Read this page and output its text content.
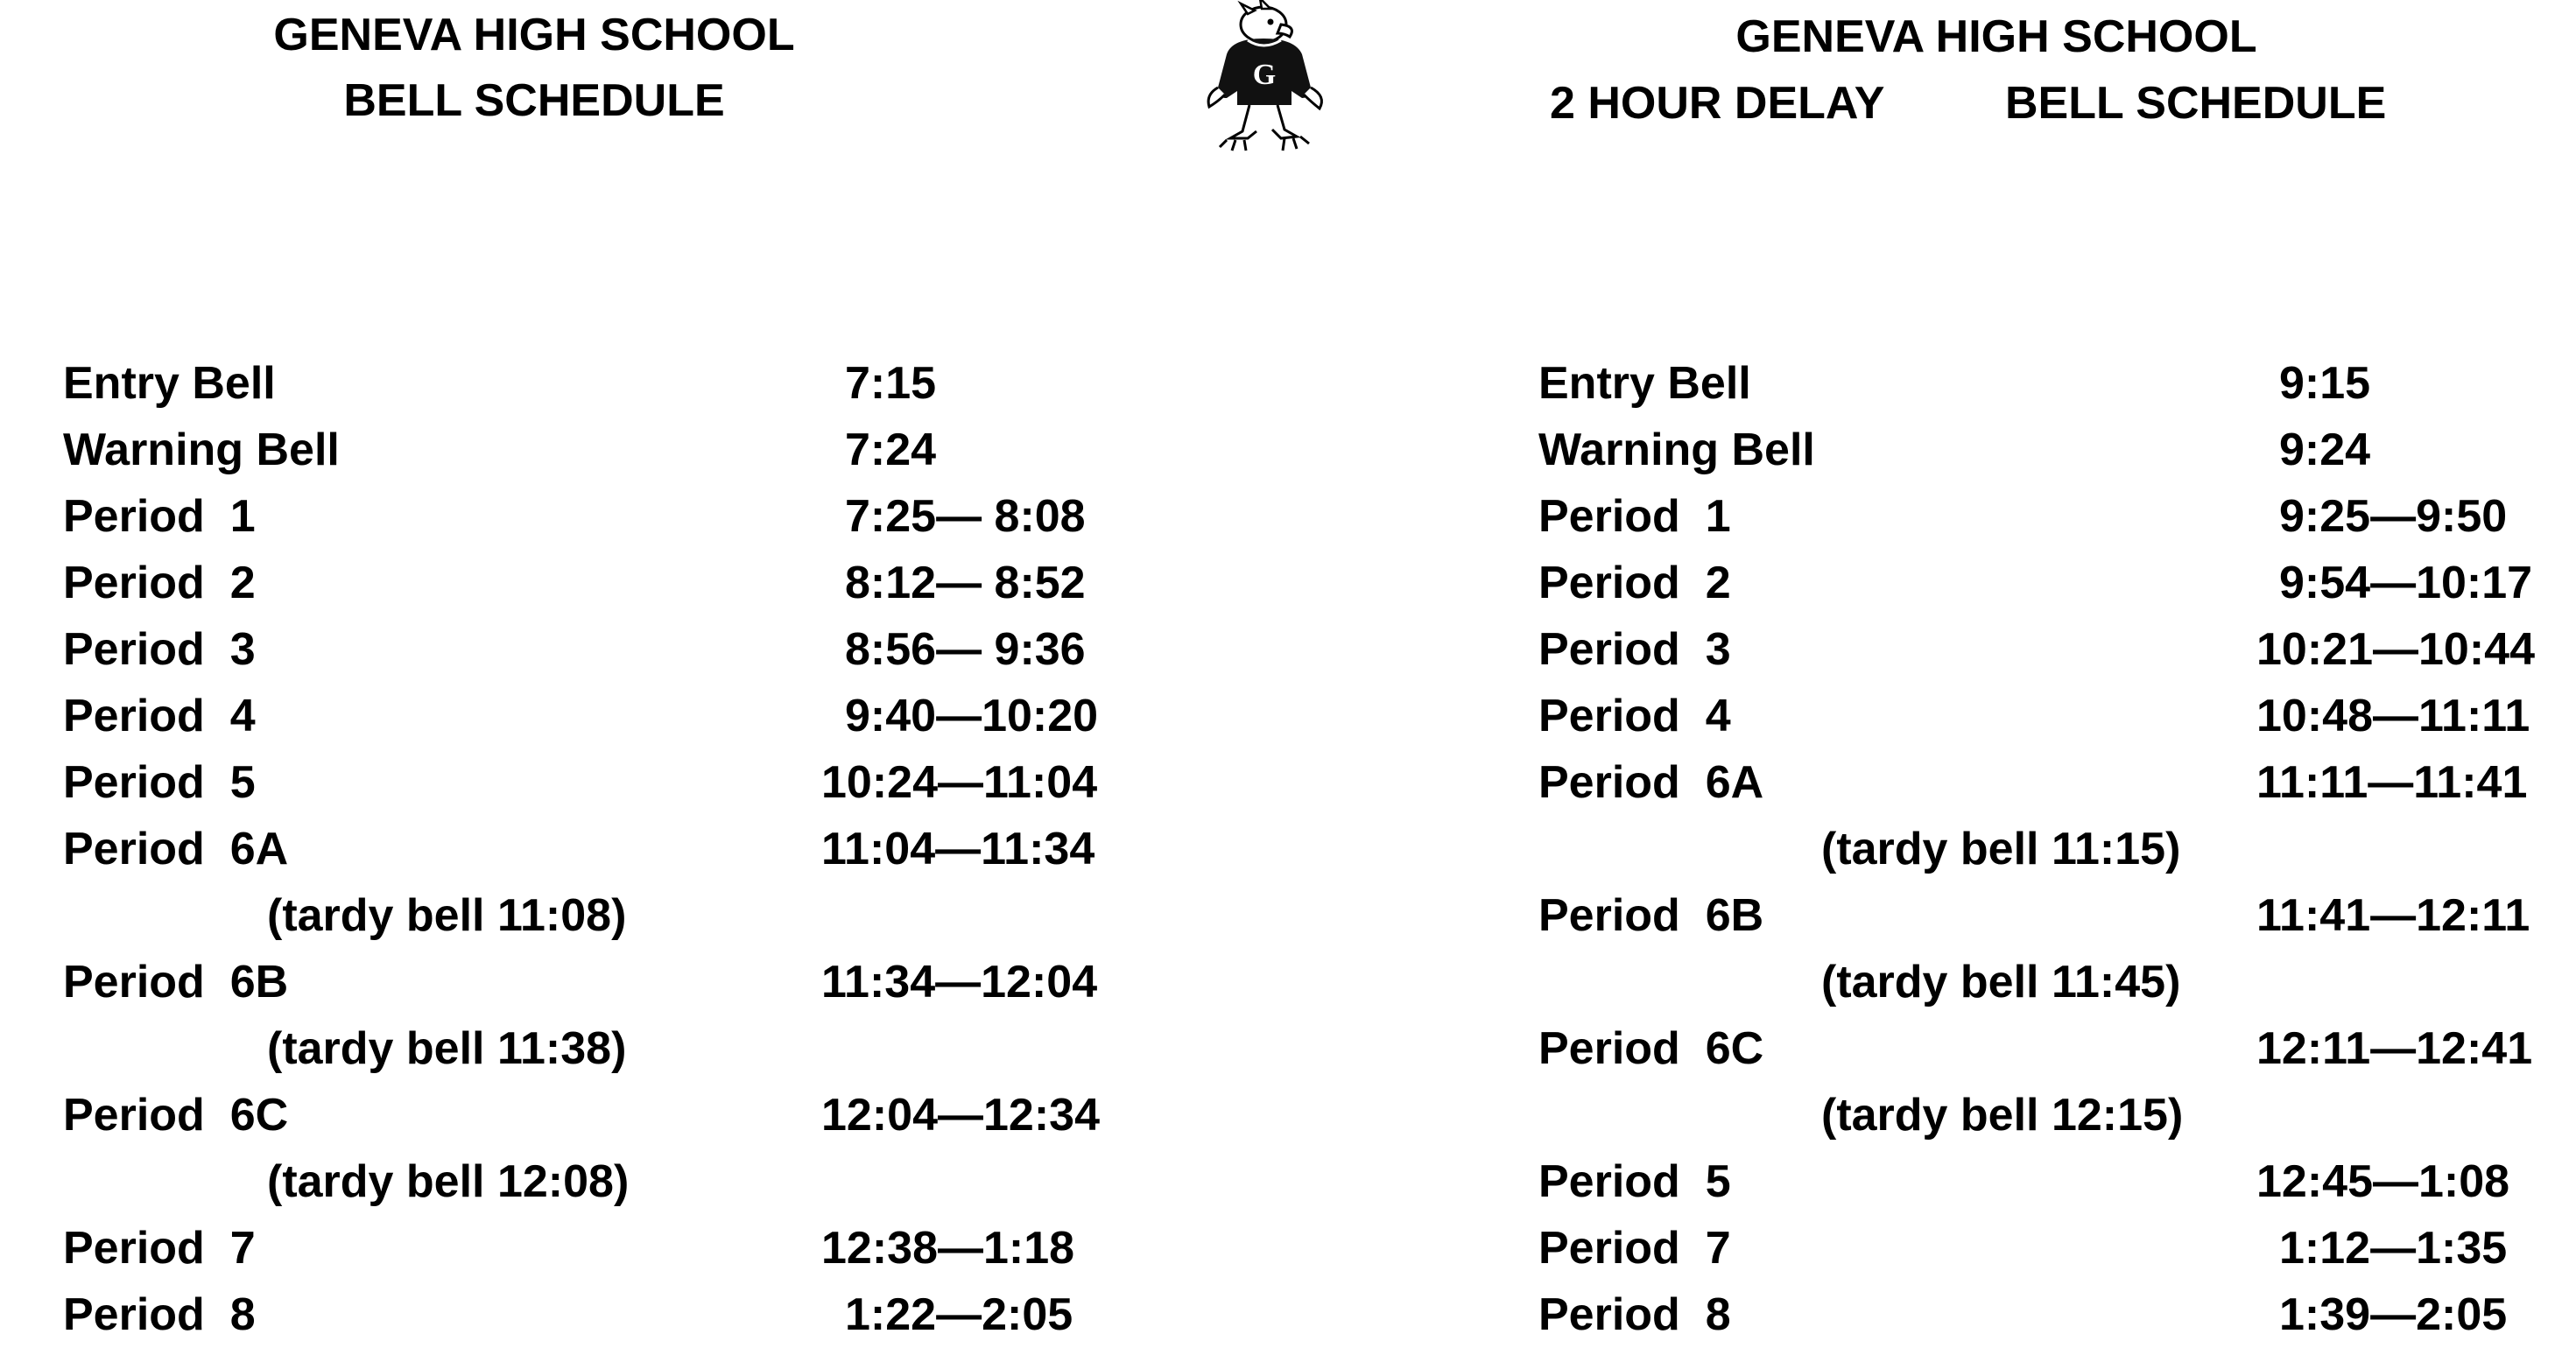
GENEVA HIGH SCHOOL
BELL SCHEDULE
G
GENEVA HIGH SCHOOL
2 HOUR DELAY	BELL SCHEDULE
Entry Bell	7:15
Warning Bell	7:24
Period  1	7:25— 8:08
Period  2	8:12— 8:52
Period  3	8:56— 9:36
Period  4	9:40—10:20
Period  5	10:24—11:04
Period  6A	11:04—11:34
(tardy bell 11:08)
Period  6B	11:34—12:04
(tardy bell 11:38)
Period  6C	12:04—12:34
(tardy bell 12:08)
Period  7	12:38—1:18
Period  8	1:22—2:05
Entry Bell	9:15
Warning Bell	9:24
Period  1	9:25—9:50
Period  2	9:54—10:17
Period  3	10:21—10:44
Period  4	10:48—11:11
Period  6A	11:11—11:41
(tardy bell 11:15)
Period  6B	11:41—12:11
(tardy bell 11:45)
Period  6C	12:11—12:41
(tardy bell 12:15)
Period  5	12:45—1:08
Period  7	1:12—1:35
Period  8	1:39—2:05
